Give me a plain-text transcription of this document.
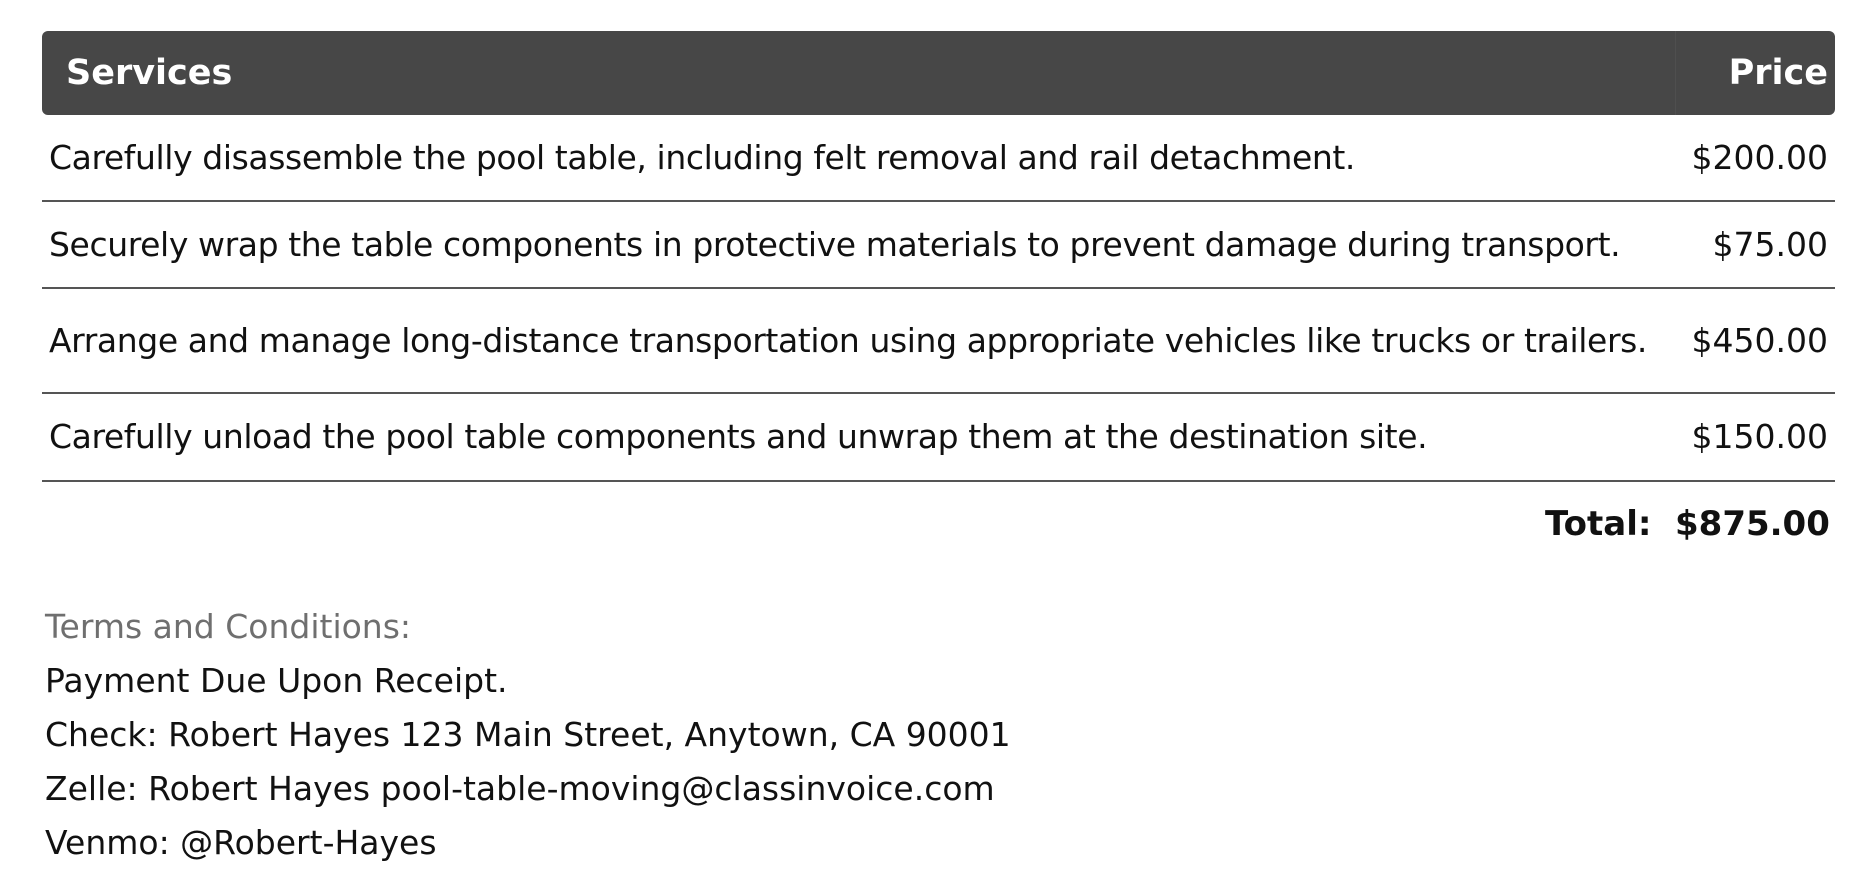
Services	Price
Carefully disassemble the pool table, including felt removal and rail detachment.	$200.00
Securely wrap the table components in protective materials to prevent damage during transport.	$75.00
Arrange and manage long-distance transportation using appropriate vehicles like trucks or trailers.	$450.00
Carefully unload the pool table components and unwrap them at the destination site.	$150.00
Total: $875.00
Terms and Conditions:
Payment Due Upon Receipt.
Check: Robert Hayes 123 Main Street, Anytown, CA 90001
Zelle: Robert Hayes pool-table-moving@classinvoice.com
Venmo: @Robert-Hayes
